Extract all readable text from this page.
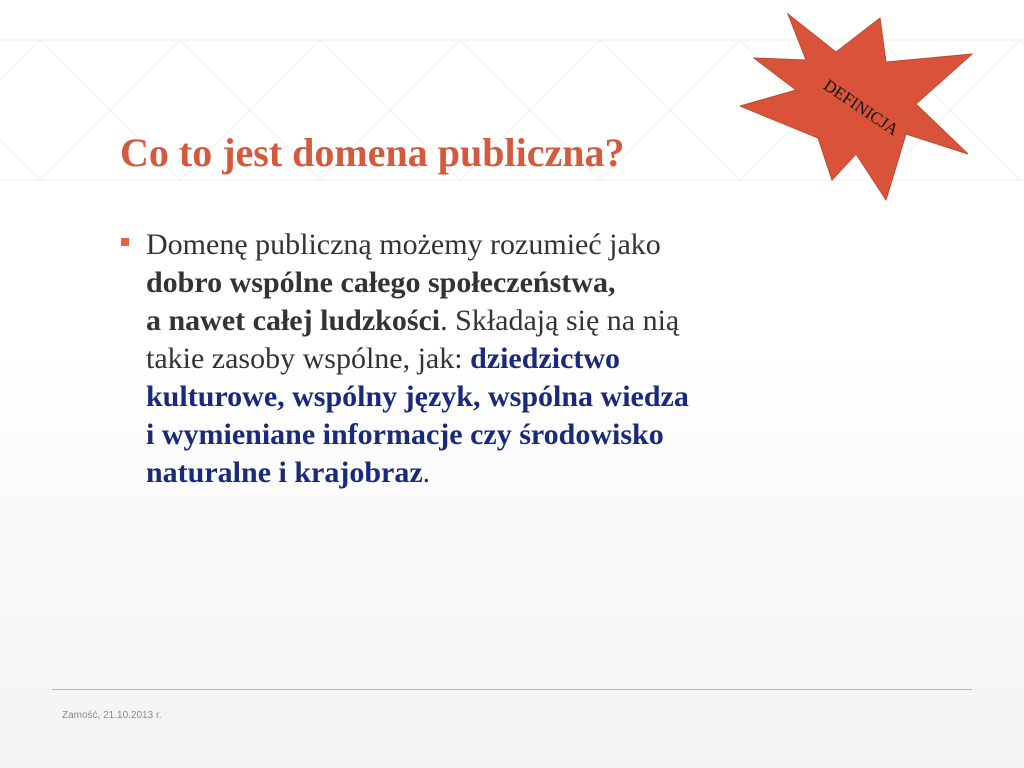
Co to jest domena publiczna?
Domenę publiczną możemy rozumieć jako
dobro wspólne całego społeczeństwa,
a nawet całej ludzkości. Składają się na nią
takie zasoby wspólne, jak: dziedzictwo
kulturowe, wspólny język, wspólna wiedza
i wymieniane informacje czy środowisko
naturalne i krajobraz.
DEFINICJA
Zamość, 21.10.2013 r.
